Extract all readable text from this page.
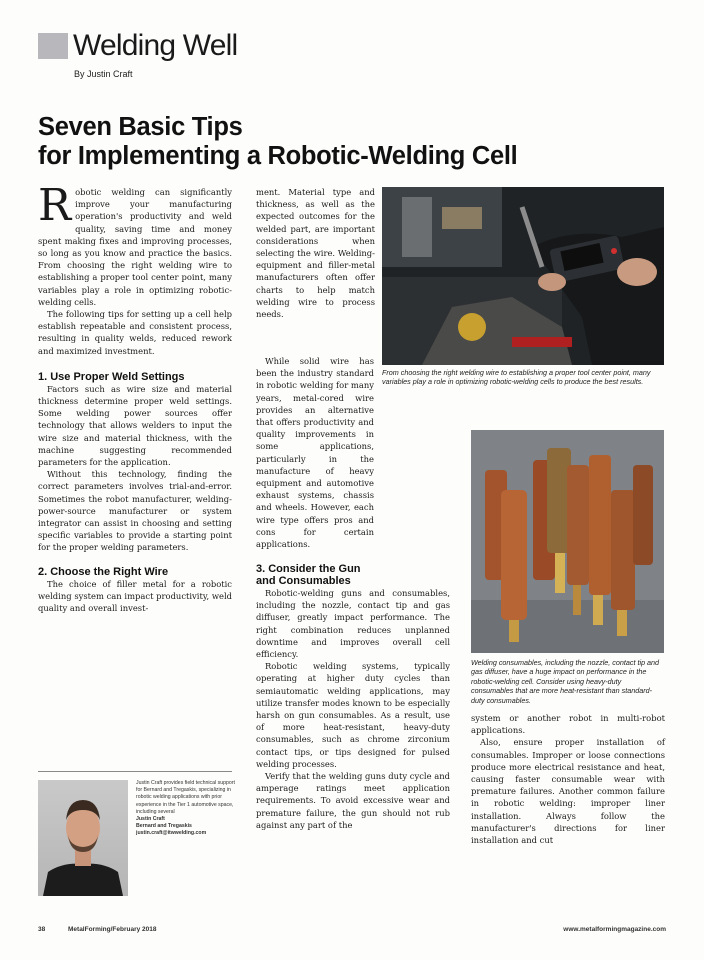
Welding Well
By Justin Craft
Seven Basic Tips
for Implementing a Robotic-Welding Cell

Robotic welding can significantly improve your manufacturing operation's productivity and weld quality, saving time and money spent making fixes and improving processes, so long as you know and practice the basics. From choosing the right welding wire to establishing a proper tool center point, many variables play a role in optimizing robotic-welding cells.

The following tips for setting up a cell help establish repeatable and consistent process, resulting in quality welds, reduced rework and maximized investment.

1. Use Proper Weld Settings

Factors such as wire size and material thickness determine proper weld settings. Some welding power sources offer technology that allows welders to input the wire size and material thickness, with the machine suggesting recommended parameters for the application.

Without this technology, finding the correct parameters involves trial-and-error. Sometimes the robot manufacturer, welding-power-source manufacturer or system integrator can assist in choosing and setting specific variables to provide a starting point for the proper welding parameters.

2. Choose the Right Wire

The choice of filler metal for a robotic welding system can impact productivity, weld quality and overall invest-

Justin Craft provides field technical support for Bernard and Tregaskis, specializing in robotic welding applications with prior experience in the Tier 1 automotive space, including several
Justin Craft
Bernard and Tregaskis
justin.craft@itwwelding.com

ment. Material type and thickness, as well as the expected outcomes for the welded part, are important considerations when selecting the wire. Welding-equipment and filler-metal manufacturers often offer charts to help match welding wire to process needs.

While solid wire has been the industry standard in robotic welding for many years, metal-cored wire provides an alternative that offers productivity and quality improvements in some applications, particularly in the manufacture of heavy equipment and automotive exhaust systems, chassis and wheels. However, each wire type offers pros and cons for certain applications.

3. Consider the Gun
and Consumables

Robotic-welding guns and consumables, including the nozzle, contact tip and gas diffuser, greatly impact performance. The right combination reduces unplanned downtime and improves overall cell efficiency.

Robotic welding systems, typically operating at higher duty cycles than semiautomatic welding applications, may utilize transfer modes known to be especially harsh on gun consumables. As a result, use of more heat-resistant, heavy-duty consumables, such as chrome zirconium contact tips, or tips designed for pulsed welding processes.

Verify that the welding guns duty cycle and amperage ratings meet application requirements. To avoid excessive wear and premature failure, the gun should not rub against any part of the

From choosing the right welding wire to establishing a proper tool center point, many variables play a role in optimizing robotic-welding cells to produce the best results.

Welding consumables, including the nozzle, contact tip and gas diffuser, have a huge impact on performance in the robotic-welding cell. Consider using heavy-duty consumables that are more heat-resistant than standard-duty consumables.

system or another robot in multi-robot applications.

Also, ensure proper installation of consumables. Improper or loose connections produce more electrical resistance and heat, causing faster consumable wear with premature failures. Another common failure in robotic welding: improper liner installation. Always follow the manufacturer's directions for liner installation and cut

38	MetalForming/February 2018	www.metalformingmagazine.com
